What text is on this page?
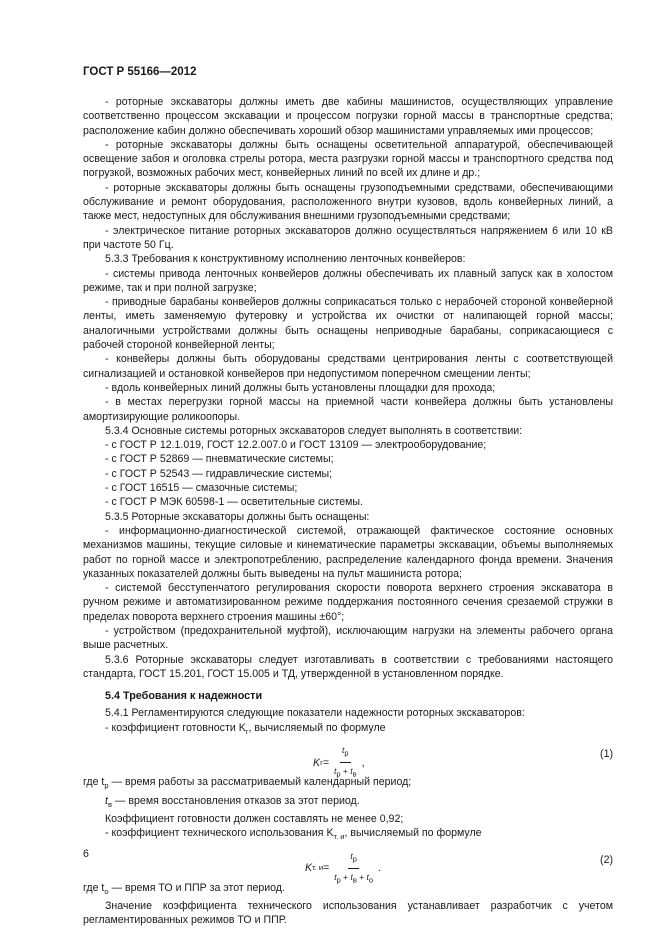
ГОСТ Р 55166—2012

- роторные экскаваторы должны иметь две кабины машинистов, осуществляющих управление соответственно процессом экскавации и процессом погрузки горной массы в транспортные средства; расположение кабин должно обеспечивать хороший обзор машинистами управляемых ими процессов;

- роторные экскаваторы должны быть оснащены осветительной аппаратурой, обеспечивающей освещение забоя и оголовка стрелы ротора, места разгрузки горной массы и транспортного средства под погрузкой, возможных рабочих мест, конвейерных линий по всей их длине и др.;

- роторные экскаваторы должны быть оснащены грузоподъемными средствами, обеспечивающими обслуживание и ремонт оборудования, расположенного внутри кузовов, вдоль конвейерных линий, а также мест, недоступных для обслуживания внешними грузоподъемными средствами;

- электрическое питание роторных экскаваторов должно осуществляться напряжением 6 или 10 кВ при частоте 50 Гц.

5.3.3 Требования к конструктивному исполнению ленточных конвейеров:

- системы привода ленточных конвейеров должны обеспечивать их плавный запуск как в холостом режиме, так и при полной загрузке;

- приводные барабаны конвейеров должны соприкасаться только с нерабочей стороной конвейерной ленты, иметь заменяемую футеровку и устройства их очистки от налипающей горной массы; аналогичными устройствами должны быть оснащены неприводные барабаны, соприкасающиеся с рабочей стороной конвейерной ленты;

- конвейеры должны быть оборудованы средствами центрирования ленты с соответствующей сигнализацией и остановкой конвейеров при недопустимом поперечном смещении ленты;

- вдоль конвейерных линий должны быть установлены площадки для прохода;

- в местах перегрузки горной массы на приемной части конвейера должны быть установлены амортизирующие роликоопоры.

5.3.4 Основные системы роторных экскаваторов следует выполнять в соответствии:

- с ГОСТ Р 12.1.019, ГОСТ 12.2.007.0 и ГОСТ 13109 — электрооборудование;

- с ГОСТ Р 52869 — пневматические системы;

- с ГОСТ Р 52543 — гидравлические системы;

- с ГОСТ 16515 — смазочные системы;

- с ГОСТ Р МЭК 60598-1 — осветительные системы.

5.3.5 Роторные экскаваторы должны быть оснащены:

- информационно-диагностической системой, отражающей фактическое состояние основных механизмов машины, текущие силовые и кинематические параметры экскавации, объемы выполняемых работ по горной массе и электропотреблению, распределение календарного фонда времени. Значения указанных показателей должны быть выведены на пульт машиниста ротора;

- системой бесступенчатого регулирования скорости поворота верхнего строения экскаватора в ручном режиме и автоматизированном режиме поддержания постоянного сечения срезаемой стружки в пределах поворота верхнего строения машины ±60°;

- устройством (предохранительной муфтой), исключающим нагрузки на элементы рабочего органа выше расчетных.

5.3.6 Роторные экскаваторы следует изготавливать в соответствии с требованиями настоящего стандарта, ГОСТ 15.201, ГОСТ 15.005 и ТД, утвержденной в установленном порядке.

5.4 Требования к надежности

5.4.1 Регламентируются следующие показатели надежности роторных экскаваторов:

- коэффициент готовности $K_г$, вычисляемый по формуле

K $г = \frac{t_р}{t_р + t_в}$ ,
(1)

где $t_р$ — время работы за рассматриваемый календарный период;

$t_в$ — время восстановления отказов за этот период.

Коэффициент готовности должен составлять не менее 0,92;

- коэффициент технического использования $K_{т. и}$, вычисляемый по формуле

K т. $и = \frac{t_р}{t_р + t_в + t_о}$ .
(2)

где $t_о$ — время ТО и ППР за этот период.

Значение коэффициента технического использования устанавливает разработчик с учетом регламентированных режимов ТО и ППР.

6
